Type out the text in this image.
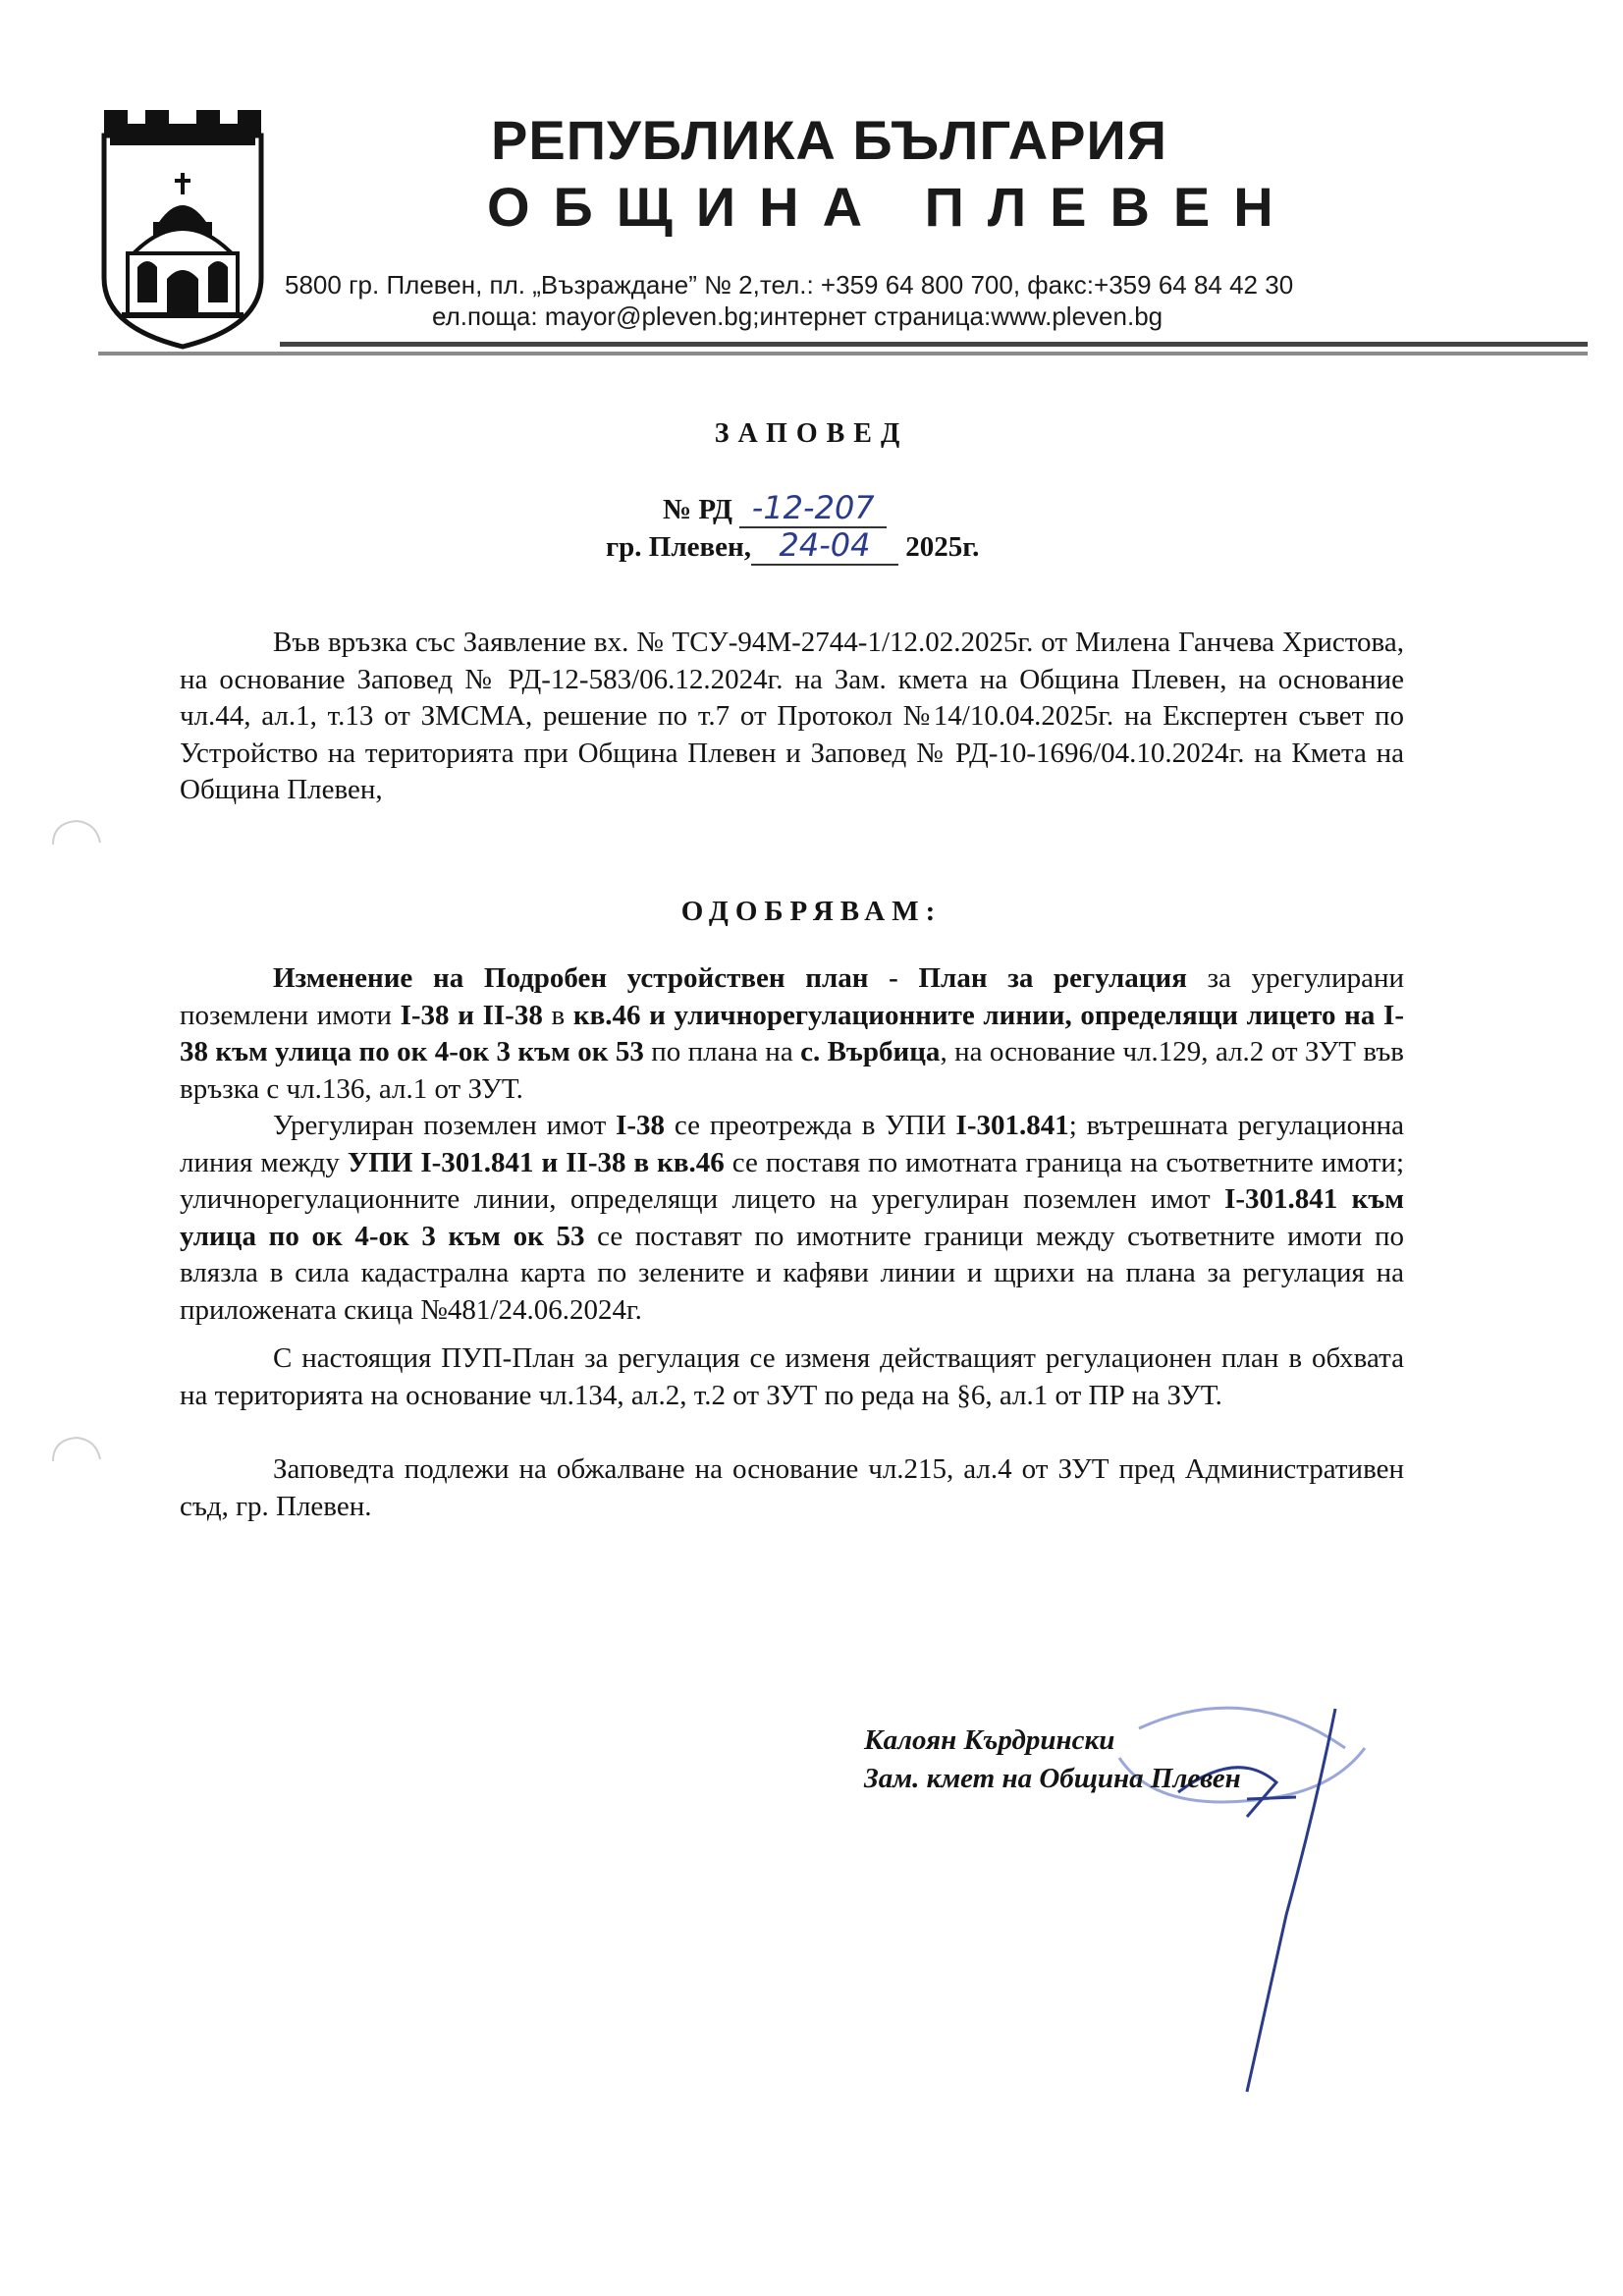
РЕПУБЛИКА БЪЛГАРИЯ
ОБЩИНА ПЛЕВЕН
5800 гр. Плевен, пл. „Възраждане” № 2,тел.: +359 64 800 700, факс:+359 64 84 42 30
ел.поща: mayor@pleven.bg;интернет страница:www.pleven.bg
ЗАПОВЕД
№ РД -12-207
гр. Плевен, 24-04 2025г.
Във връзка със Заявление вх. № ТСУ-94М-2744-1/12.02.2025г. от Милена Ганчева Христова, на основание Заповед № РД-12-583/06.12.2024г. на Зам. кмета на Община Плевен, на основание чл.44, ал.1, т.13 от ЗМСМА, решение по т.7 от Протокол №14/10.04.2025г. на Експертен съвет по Устройство на територията при Община Плевен и Заповед № РД-10-1696/04.10.2024г. на Кмета на Община Плевен,
ОДОБРЯВАМ:
Изменение на Подробен устройствен план - План за регулация за урегулирани поземлени имоти I-38 и II-38 в кв.46 и уличнорегулационните линии, определящи лицето на I-38 към улица по ок 4-ок 3 към ок 53 по плана на с. Върбица, на основание чл.129, ал.2 от ЗУТ във връзка с чл.136, ал.1 от ЗУТ.
Урегулиран поземлен имот I-38 се преотрежда в УПИ I-301.841; вътрешната регулационна линия между УПИ I-301.841 и II-38 в кв.46 се поставя по имотната граница на съответните имоти; уличнорегулационните линии, определящи лицето на урегулиран поземлен имот I-301.841 към улица по ок 4-ок 3 към ок 53 се поставят по имотните граници между съответните имоти по влязла в сила кадастрална карта по зелените и кафяви линии и щрихи на плана за регулация на приложената скица №481/24.06.2024г.
С настоящия ПУП-План за регулация се изменя действащият регулационен план в обхвата на територията на основание чл.134, ал.2, т.2 от ЗУТ по реда на §6, ал.1 от ПР на ЗУТ.
Заповедта подлежи на обжалване на основание чл.215, ал.4 от ЗУТ пред Административен съд, гр. Плевен.
Калоян Кърдрински
Зам. кмет на Община Плевен
